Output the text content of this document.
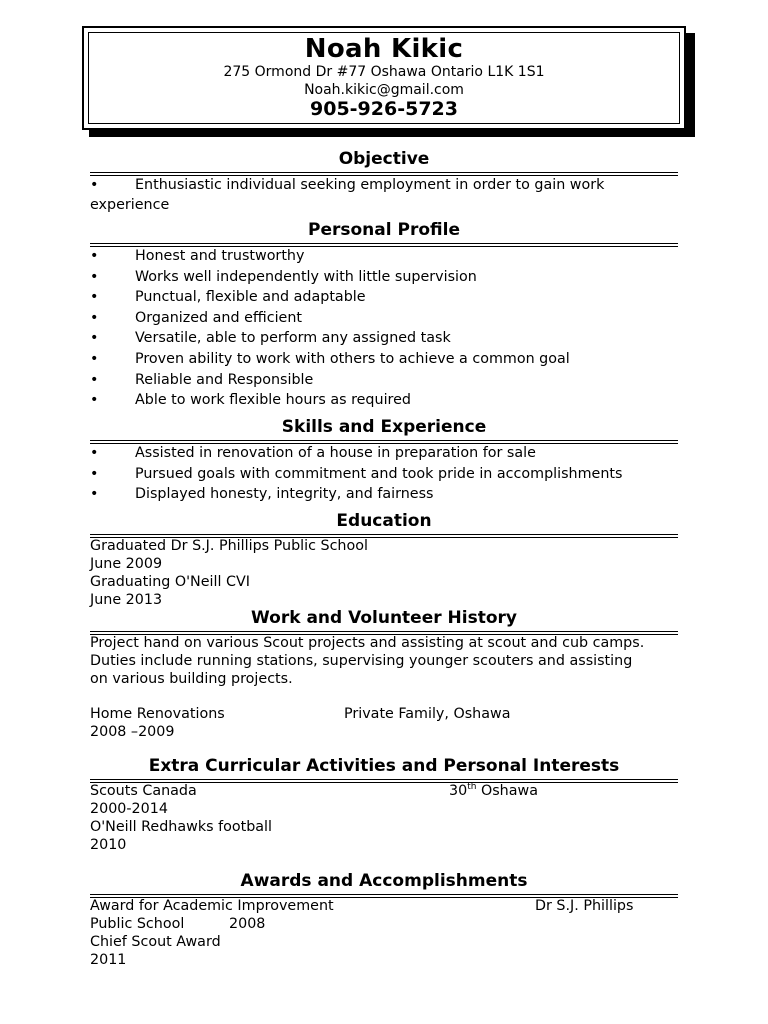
Noah Kikic
275 Ormond Dr #77 Oshawa Ontario L1K 1S1
Noah.kikic@gmail.com
905-926-5723
Objective
•	Enthusiastic individual seeking employment in order to gain work
experience
Personal Profile
•	Honest and trustworthy
•	Works well independently with little supervision
•	Punctual, flexible and adaptable
•	Organized and efficient
•	Versatile, able to perform any assigned task
•	Proven ability to work with others to achieve a common goal
•	Reliable and Responsible
•	Able to work flexible hours as required
Skills and Experience
•	Assisted in renovation of a house in preparation for sale
•	Pursued goals with commitment and took pride in accomplishments
•	Displayed honesty, integrity, and fairness
Education
Graduated Dr S.J. Phillips Public School
June 2009
Graduating O'Neill CVI
June 2013
Work and Volunteer History
Project hand on various Scout projects and assisting at scout and cub camps.
Duties include running stations, supervising younger scouters and assisting
on various building projects.
Home Renovations	Private Family, Oshawa
2008 –2009
Extra Curricular Activities and Personal Interests
Scouts Canada	30th Oshawa
2000-2014
O'Neill Redhawks football
2010
Awards and Accomplishments
Award for Academic Improvement	Dr S.J. Phillips
Public School	2008
Chief Scout Award
2011
